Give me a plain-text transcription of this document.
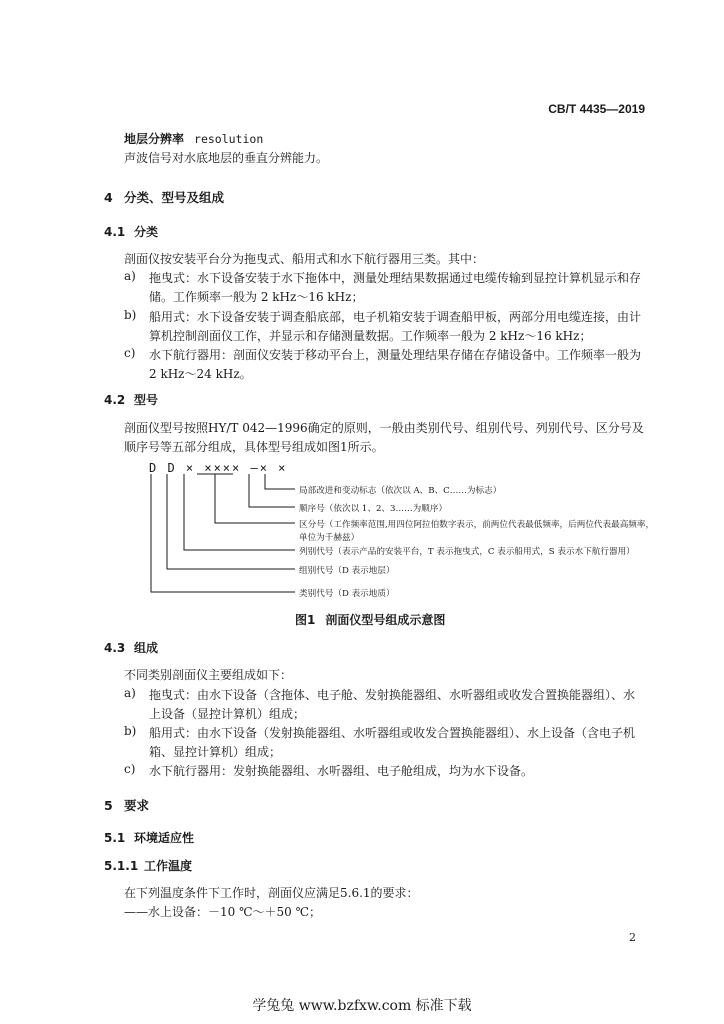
CB/T 4435—2019
地层分辨率 resolution
声波信号对水底地层的垂直分辨能力。
4 分类、型号及组成
4.1 分类
剖面仪按安装平台分为拖曳式、船用式和水下航行器用三类。其中：
a) 拖曳式：水下设备安装于水下拖体中，测量处理结果数据通过电缆传输到显控计算机显示和存
储。工作频率一般为 2 kHz～16 kHz；
b) 船用式：水下设备安装于调查船底部，电子机箱安装于调查船甲板，两部分用电缆连接，由计
算机控制剖面仪工作，并显示和存储测量数据。工作频率一般为 2 kHz～16 kHz；
c) 水下航行器用：剖面仪安装于移动平台上，测量处理结果存储在存储设备中。工作频率一般为
2 kHz～24 kHz。
4.2 型号
剖面仪型号按照HY/T 042—1996确定的原则，一般由类别代号、组别代号、列别代号、区分号及
顺序号等五部分组成，具体型号组成如图1所示。
D D × ×××× —× ×
局部改进和变动标志（依次以 A、B、C……为标志）
顺序号（依次以 1、2、3……为顺序）
区分号（工作频率范围,用四位阿拉伯数字表示，前两位代表最低频率，后两位代表最高频率，
单位为千赫兹）
列别代号（表示产品的安装平台，T 表示拖曳式，C 表示船用式，S 表示水下航行器用）
组别代号（D 表示地层）
类别代号（D 表示地质）
图1 剖面仪型号组成示意图
4.3 组成
不同类别剖面仪主要组成如下：
a) 拖曳式：由水下设备（含拖体、电子舱、发射换能器组、水听器组或收发合置换能器组）、水
上设备（显控计算机）组成；
b) 船用式：由水下设备（发射换能器组、水听器组或收发合置换能器组）、水上设备（含电子机
箱、显控计算机）组成；
c) 水下航行器用：发射换能器组、水听器组、电子舱组成，均为水下设备。
5 要求
5.1 环境适应性
5.1.1 工作温度
在下列温度条件下工作时，剖面仪应满足5.6.1的要求：
——水上设备：－10 ℃～＋50 ℃；
2
学兔兔 www.bzfxw.com 标准下载
